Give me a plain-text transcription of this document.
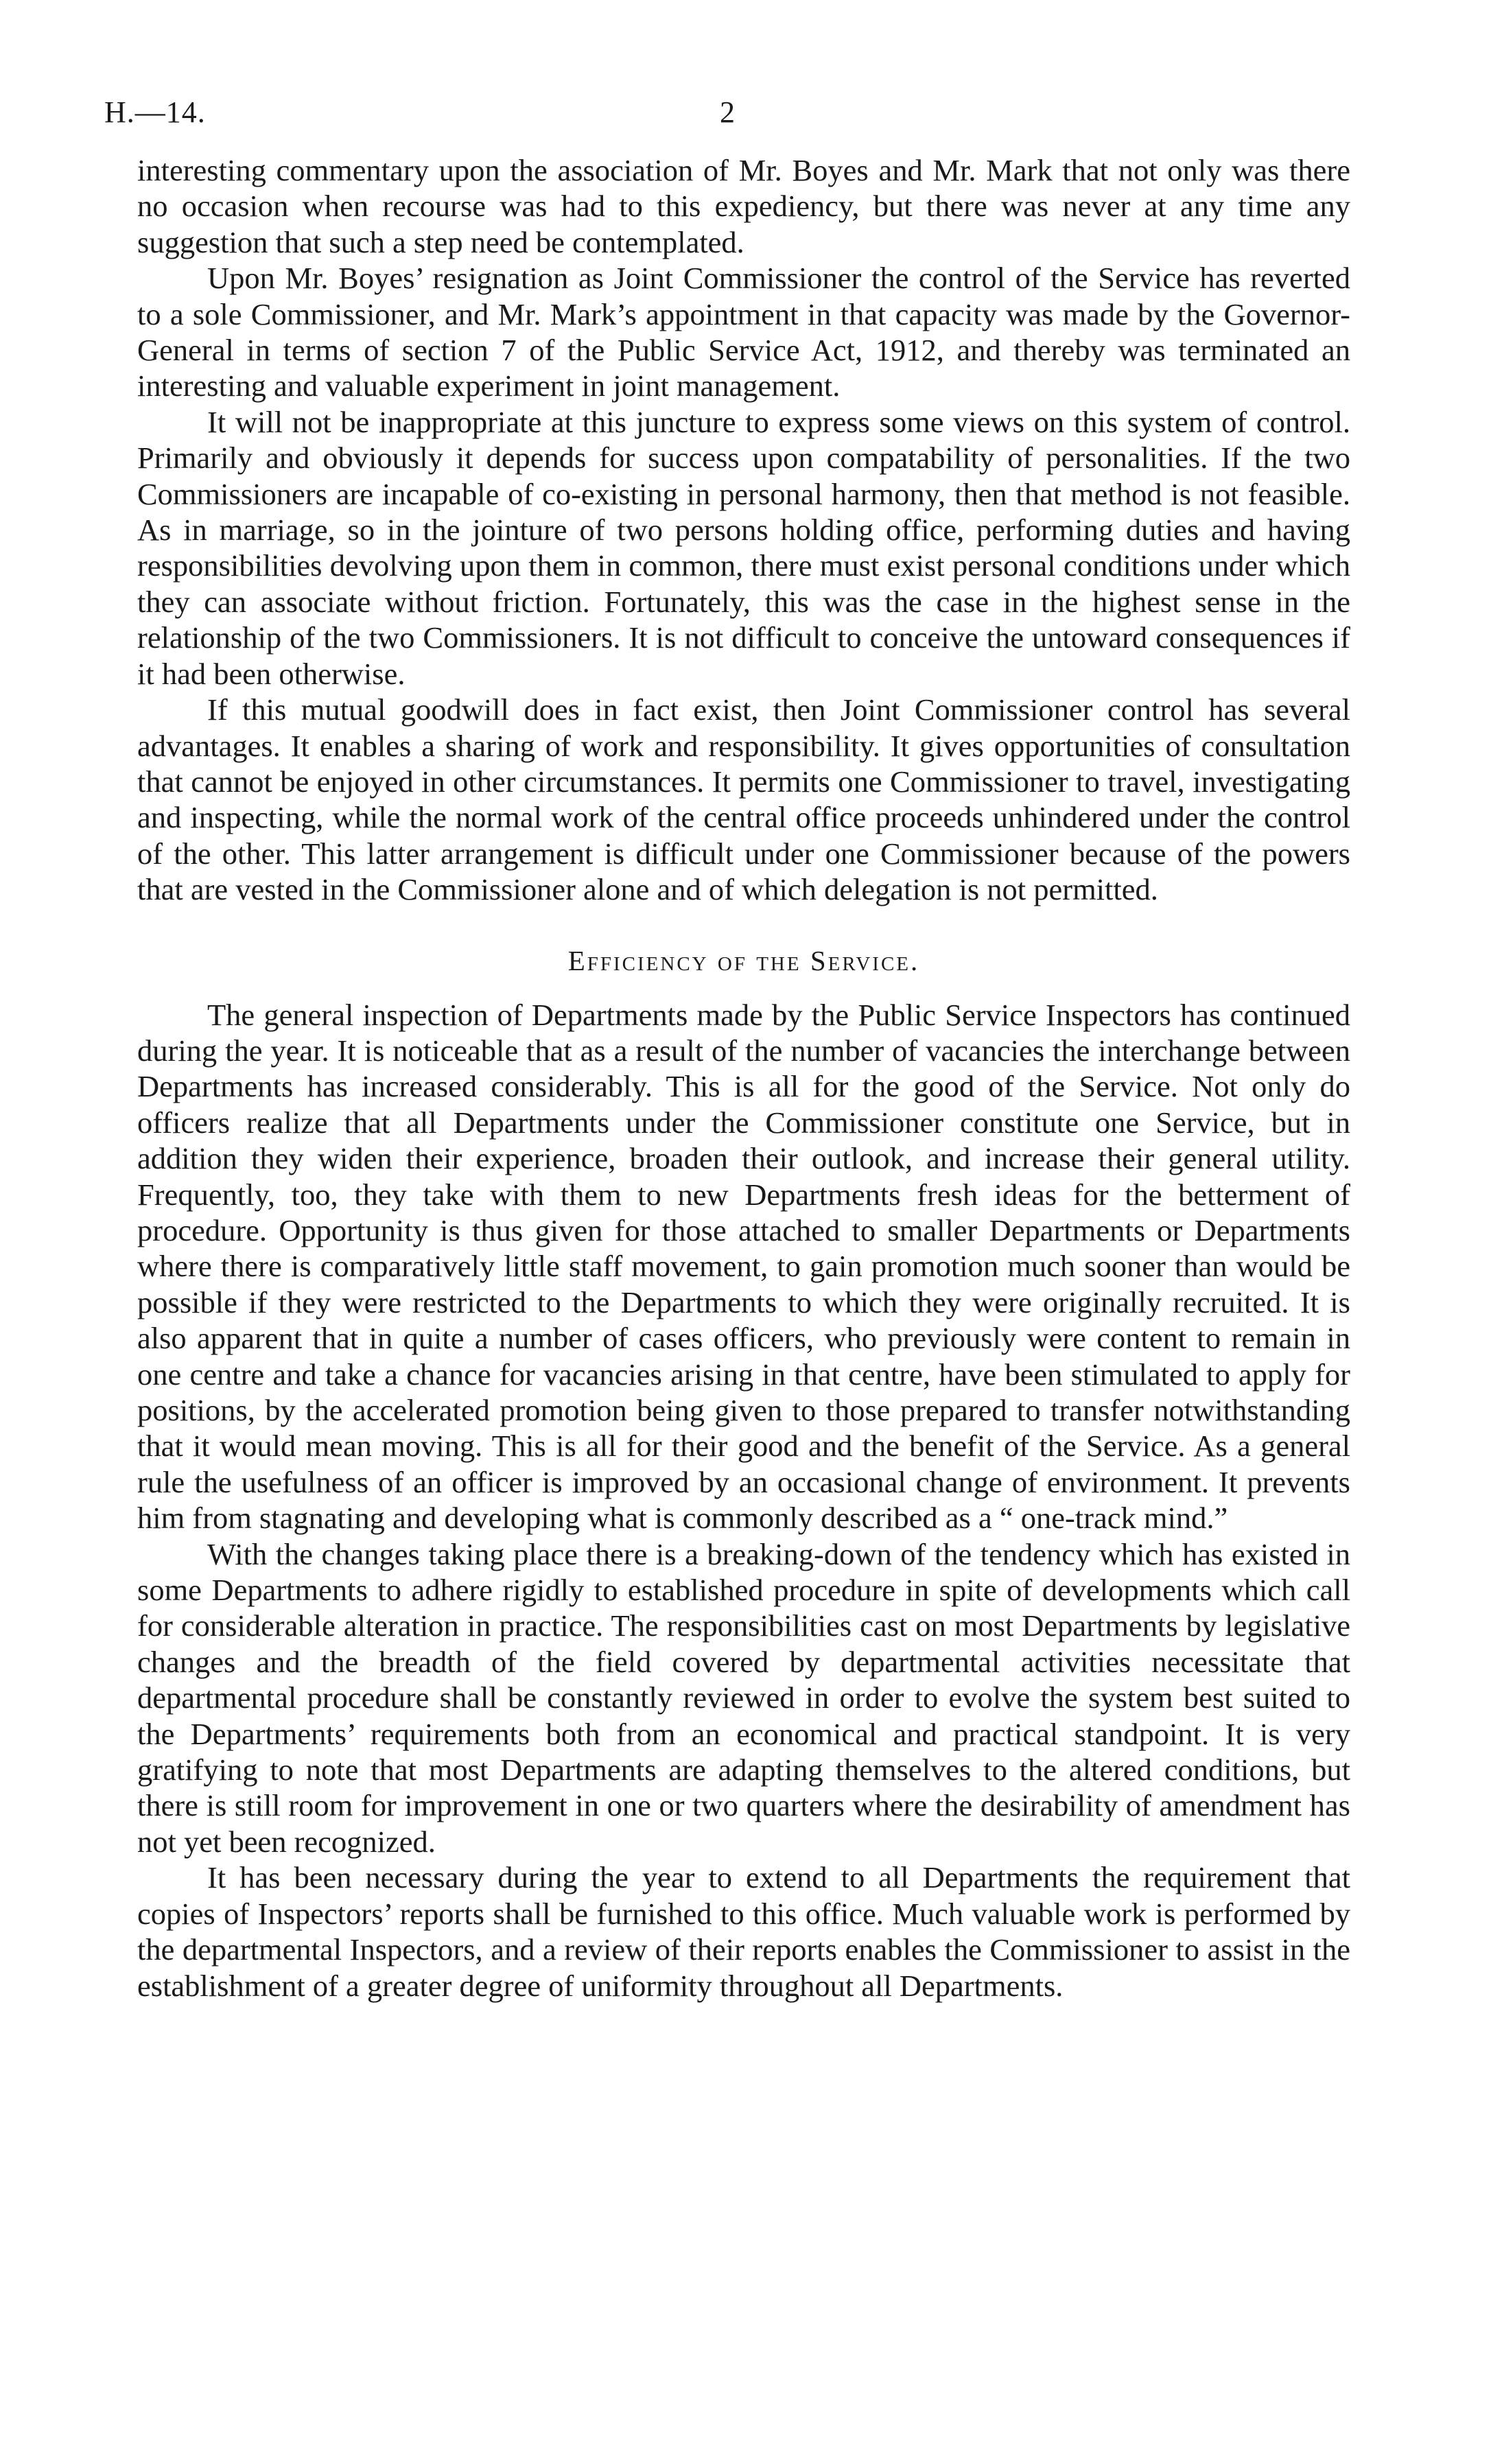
H.—14.	2

interesting commentary upon the association of Mr. Boyes and Mr. Mark that not only was there no occasion when recourse was had to this expediency, but there was never at any time any suggestion that such a step need be contemplated.

Upon Mr. Boyes’ resignation as Joint Commissioner the control of the Service has reverted to a sole Commissioner, and Mr. Mark’s appointment in that capacity was made by the Governor-General in terms of section 7 of the Public Service Act, 1912, and thereby was terminated an interesting and valuable experiment in joint management.

It will not be inappropriate at this juncture to express some views on this system of control. Primarily and obviously it depends for success upon compatability of personalities. If the two Commissioners are incapable of co-existing in personal harmony, then that method is not feasible. As in marriage, so in the jointure of two persons holding office, performing duties and having responsibilities devolving upon them in common, there must exist personal conditions under which they can associate without friction. Fortunately, this was the case in the highest sense in the relationship of the two Commissioners. It is not difficult to conceive the untoward consequences if it had been otherwise.

If this mutual goodwill does in fact exist, then Joint Commissioner control has several advantages. It enables a sharing of work and responsibility. It gives opportunities of consultation that cannot be enjoyed in other circumstances. It permits one Commissioner to travel, investigating and inspecting, while the normal work of the central office proceeds unhindered under the control of the other. This latter arrangement is difficult under one Commissioner because of the powers that are vested in the Commissioner alone and of which delegation is not permitted.

Efficiency of the Service.

The general inspection of Departments made by the Public Service Inspectors has continued during the year. It is noticeable that as a result of the number of vacancies the interchange between Departments has increased considerably. This is all for the good of the Service. Not only do officers realize that all Departments under the Commissioner constitute one Service, but in addition they widen their experience, broaden their outlook, and increase their general utility. Frequently, too, they take with them to new Departments fresh ideas for the betterment of procedure. Opportunity is thus given for those attached to smaller Departments or Departments where there is comparatively little staff movement, to gain promotion much sooner than would be possible if they were restricted to the Departments to which they were originally recruited. It is also apparent that in quite a number of cases officers, who previously were content to remain in one centre and take a chance for vacancies arising in that centre, have been stimulated to apply for positions, by the accelerated promotion being given to those prepared to transfer notwithstanding that it would mean moving. This is all for their good and the benefit of the Service. As a general rule the usefulness of an officer is improved by an occasional change of environment. It prevents him from stagnating and developing what is commonly described as a “ one-track mind.”

With the changes taking place there is a breaking-down of the tendency which has existed in some Departments to adhere rigidly to established procedure in spite of developments which call for considerable alteration in practice. The responsibilities cast on most Departments by legislative changes and the breadth of the field covered by departmental activities necessitate that departmental procedure shall be constantly reviewed in order to evolve the system best suited to the Departments’ requirements both from an economical and practical standpoint. It is very gratifying to note that most Departments are adapting themselves to the altered conditions, but there is still room for improvement in one or two quarters where the desirability of amendment has not yet been recognized.

It has been necessary during the year to extend to all Departments the requirement that copies of Inspectors’ reports shall be furnished to this office. Much valuable work is performed by the departmental Inspectors, and a review of their reports enables the Commissioner to assist in the establishment of a greater degree of uniformity throughout all Departments.
